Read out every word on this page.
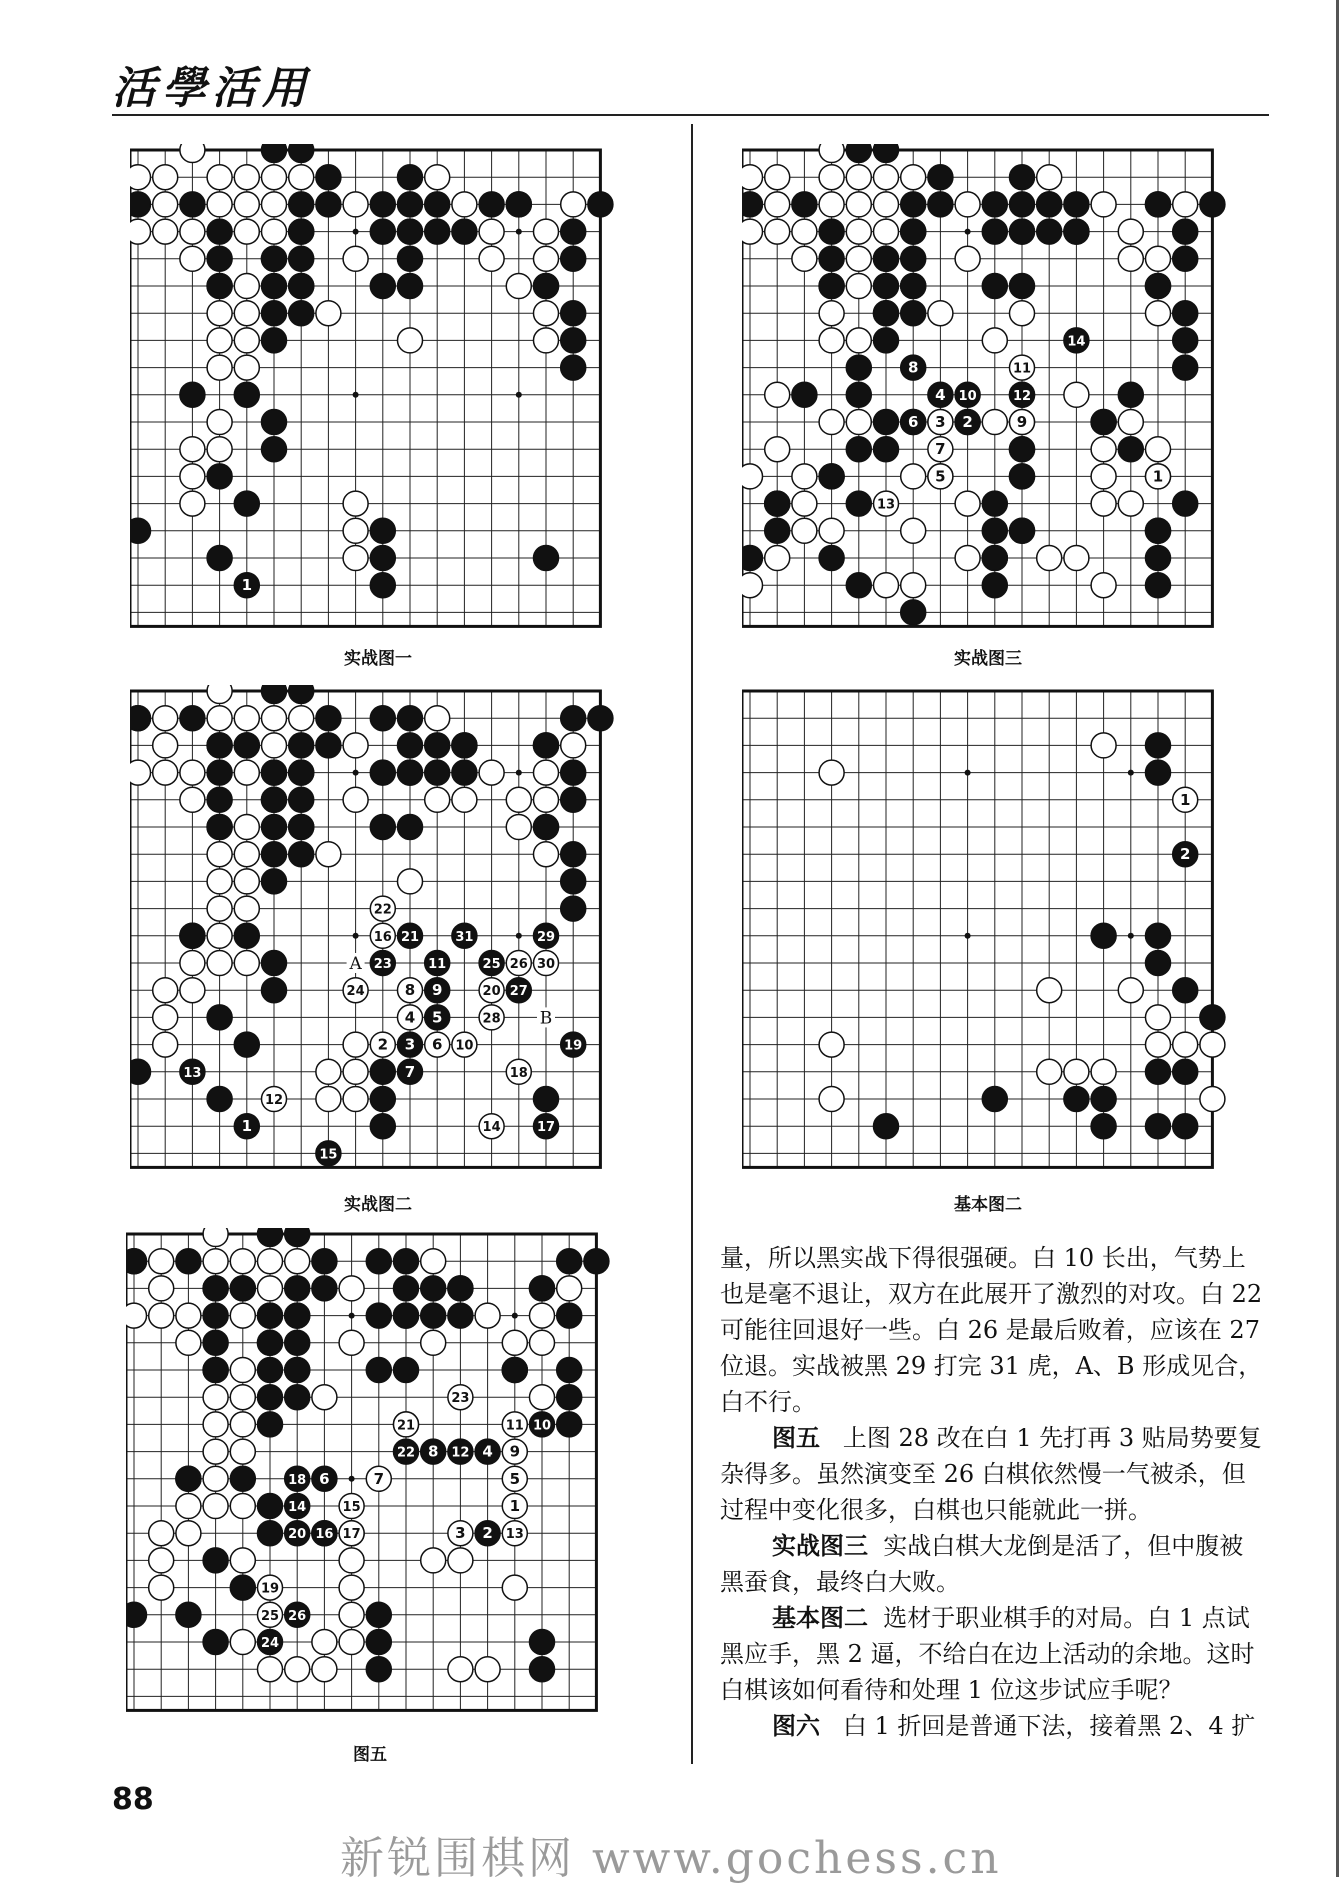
活學活用
1
实战图一
14
11
8
4 10	12
6 3 2	9
7
5	1
13
实战图三
22
16 21	31	29
23	11	25 26 30
24	8 9	20 27
4 5	28
2 3 6 10	19
7	18
13
12
1	14	17
15
A
B
实战图二
1
2
基本图二
23
21	11 10
22 8 12 4 9
18 6	7	5
14	15	1
20 16 17	3 2 13
19
25 26
24
图五

量，所以黑实战下得很强硬。白 10 长出，气势上也是毫不退让，双方在此展开了激烈的对攻。白 22 可能往回退好一些。白 26 是最后败着，应该在 27 位退。实战被黑 29 打完 31 虎，A、B 形成见合，白不行。

图五 上图 28 改在白 1 先打再 3 贴局势要复杂得多。虽然演变至 26 白棋依然慢一气被杀，但过程中变化很多，白棋也只能就此一拼。

实战图三 实战白棋大龙倒是活了，但中腹被黑蚕食，最终白大败。

基本图二 选材于职业棋手的对局。白 1 点试黑应手，黑 2 逼，不给白在边上活动的余地。这时白棋该如何看待和处理 1 位这步试应手呢？

图六 白 1 折回是普通下法，接着黑 2、4 扩

88
新锐围棋网 www.gochess.cn
